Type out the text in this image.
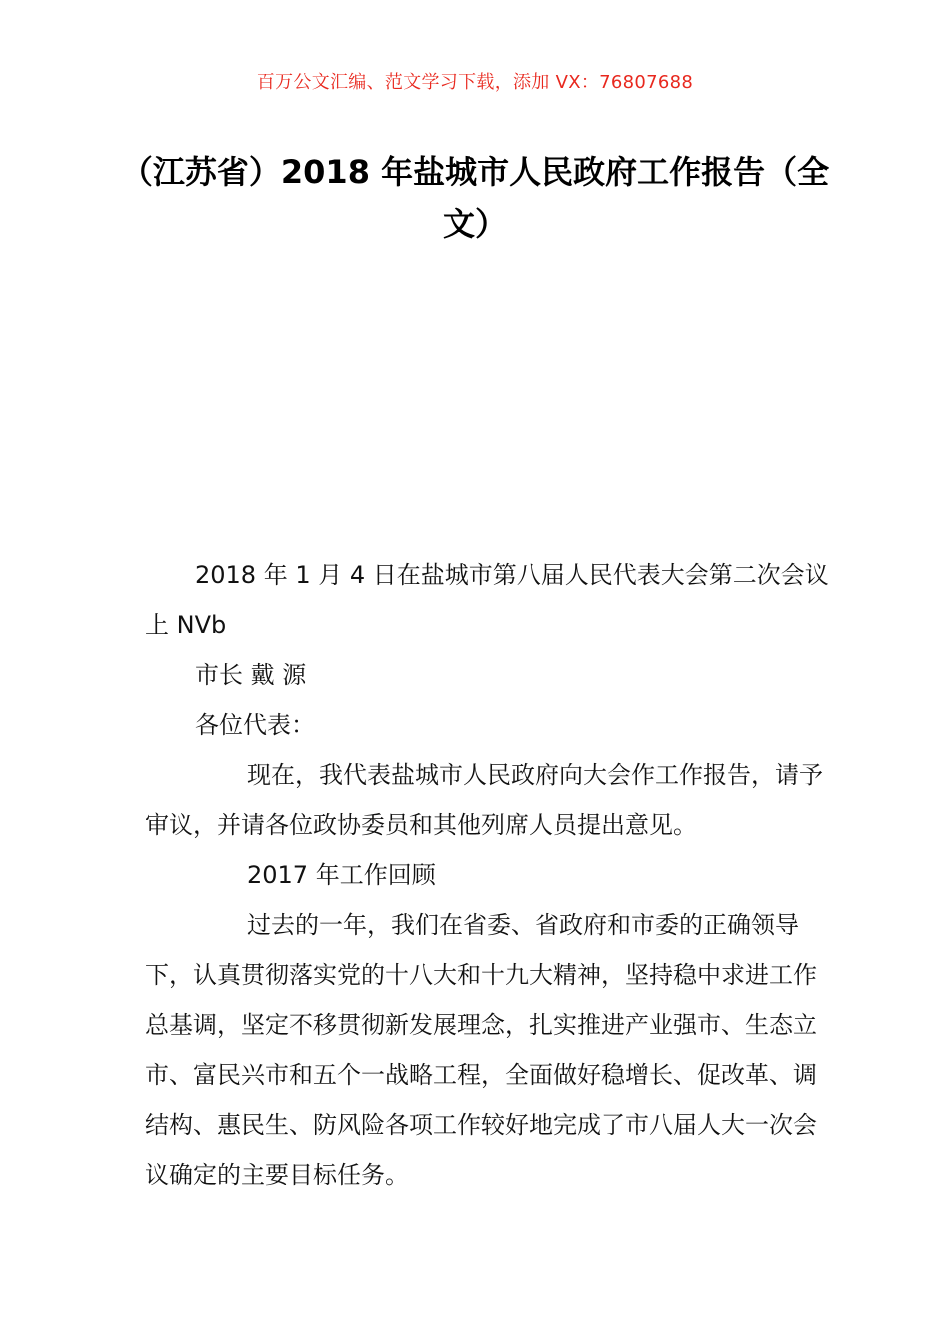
百万公文汇编、范文学习下载，添加 VX：76807688
（江苏省）2018 年盐城市人民政府工作报告（全文）

2018 年 1 月 4 日在盐城市第八届人民代表大会第二次会议上 NVb

市长 戴 源

各位代表：

现在，我代表盐城市人民政府向大会作工作报告，请予审议，并请各位政协委员和其他列席人员提出意见。

2017 年工作回顾

过去的一年，我们在省委、省政府和市委的正确领导下，认真贯彻落实党的十八大和十九大精神，坚持稳中求进工作总基调，坚定不移贯彻新发展理念，扎实推进产业强市、生态立市、富民兴市和五个一战略工程，全面做好稳增长、促改革、调结构、惠民生、防风险各项工作较好地完成了市八届人大一次会议确定的主要目标任务。
